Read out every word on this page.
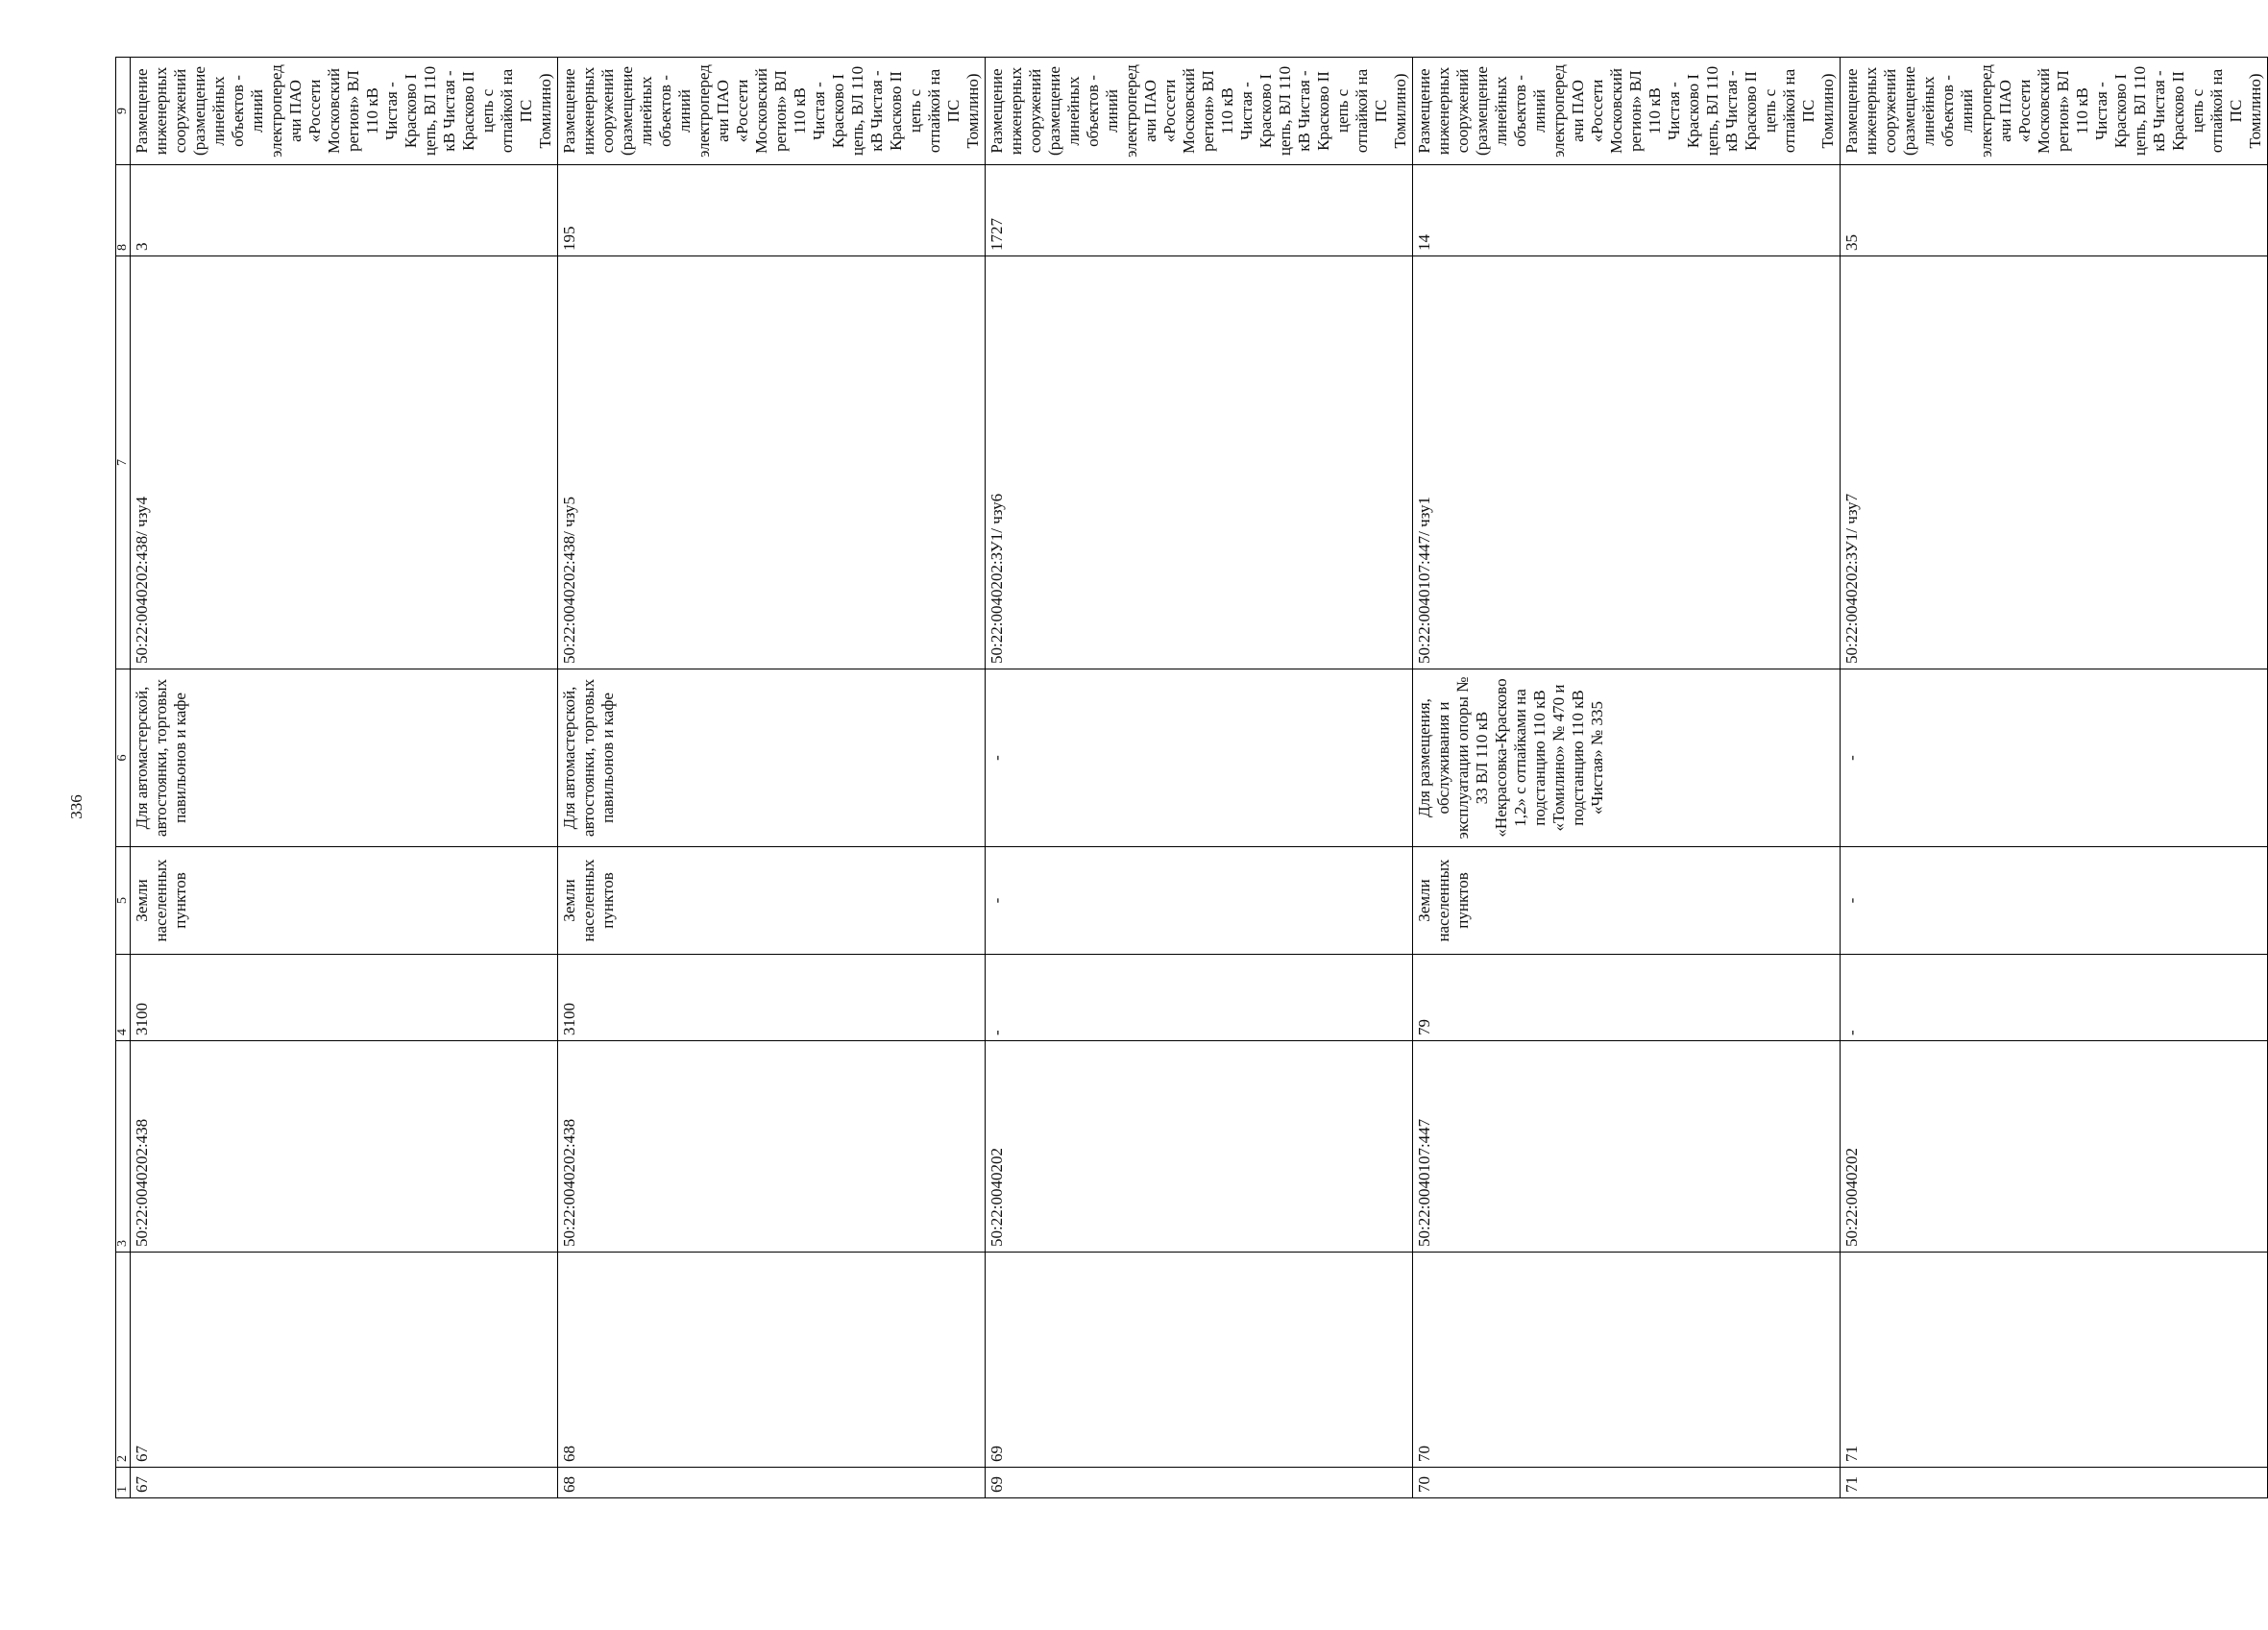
336
1	2	3	4	5	6	7	8	9
67	67	50:22:0040202:438	3100	Земли населенных пунктов	Для автомастерской, автостоянки, торговых павильонов и кафе	50:22:0040202:438/ чзу4	3	Размещение инженерных сооружений (размещение линейных объектов - линий электропередачи ПАО «Россети Московский регион» ВЛ 110 кВ Чистая - Красково I цепь, ВЛ 110 кВ Чистая - Красково II цепь с отпайкой на ПС Томилино)
68	68	50:22:0040202:438	3100	Земли населенных пунктов	Для автомастерской, автостоянки, торговых павильонов и кафе	50:22:0040202:438/ чзу5	195	Размещение инженерных сооружений (размещение линейных объектов - линий электропередачи ПАО «Россети Московский регион» ВЛ 110 кВ Чистая - Красково I цепь, ВЛ 110 кВ Чистая - Красково II цепь с отпайкой на ПС Томилино)
69	69	50:22:0040202	-	-	-	50:22:0040202:ЗУ1/ чзу6	1727	Размещение инженерных сооружений (размещение линейных объектов - линий электропередачи ПАО «Россети Московский регион» ВЛ 110 кВ Чистая - Красково I цепь, ВЛ 110 кВ Чистая - Красково II цепь с отпайкой на ПС Томилино)
70	70	50:22:0040107:447	79	Земли населенных пунктов	Для размещения, обслуживания и эксплуатации опоры № 33 ВЛ 110 кВ «Некрасовка-Красково 1,2» с отпайками на подстанцию 110 кВ «Томилино» № 470 и подстанцию 110 кВ «Чистая» № 335	50:22:0040107:447/ чзу1	14	Размещение инженерных сооружений (размещение линейных объектов - линий электропередачи ПАО «Россети Московский регион» ВЛ 110 кВ Чистая - Красково I цепь, ВЛ 110 кВ Чистая - Красково II цепь с отпайкой на ПС Томилино)
71	71	50:22:0040202	-	-	-	50:22:0040202:ЗУ1/ чзу7	35	Размещение инженерных сооружений (размещение линейных объектов - линий электропередачи ПАО «Россети Московский регион» ВЛ 110 кВ Чистая - Красково I цепь, ВЛ 110 кВ Чистая - Красково II цепь с отпайкой на ПС Томилино)
